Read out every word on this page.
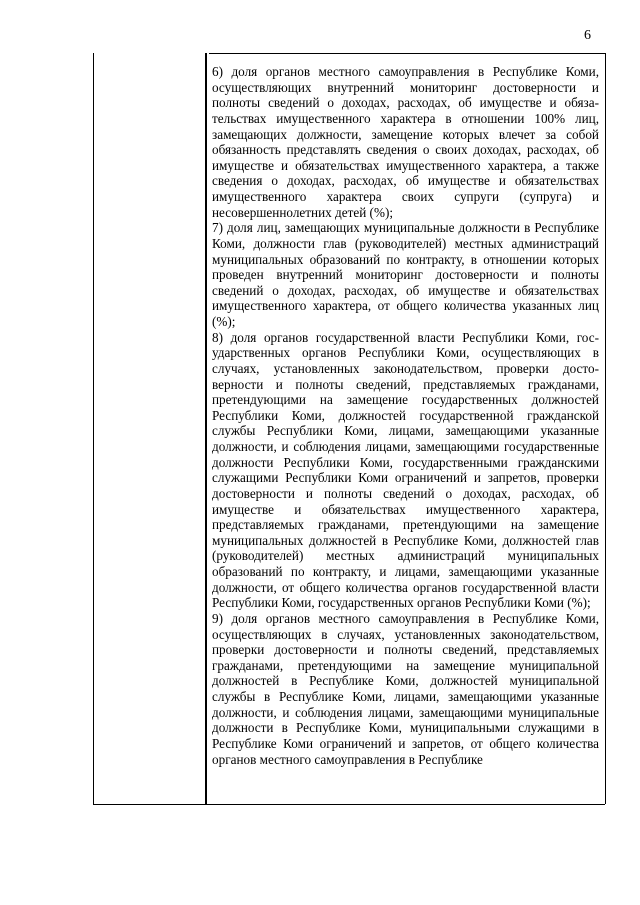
6

6) доля органов местного самоуправления в Республике Коми, осуществляющих внутренний мониторинг достоверности и полноты сведений о доходах, расходах, об имуществе и обязательствах имущественного характера в отношении 100% лиц, замещающих должности, замещение которых влечет за собой обязанность представлять сведения о своих доходах, расходах, об имуществе и обязательствах имущественного характера, а также сведения о доходах, расходах, об имуществе и обязательствах имущественного характера своих супруги (супруга) и несовершеннолетних детей (%);

7) доля лиц, замещающих муниципальные должности в Республике Коми, должности глав (руководителей) местных администраций муниципальных образований по контракту, в отношении которых проведен внутренний мониторинг достоверности и полноты сведений о доходах, расходах, об имуществе и обязательствах имущественного характера, от общего количества указанных лиц (%);

8) доля органов государственной власти Республики Коми, государственных органов Республики Коми, осуществляющих в случаях, установленных законодательством, проверки достоверности и полноты сведений, представляемых гражданами, претендующими на замещение государственных должностей Республики Коми, должностей государственной гражданской службы Республики Коми, лицами, замещающими указанные должности, и соблюдения лицами, замещающими государственные должности Республики Коми, государственными гражданскими служащими Республики Коми ограничений и запретов, проверки достоверности и полноты сведений о доходах, расходах, об имуществе и обязательствах имущественного характера, представляемых гражданами, претендующими на замещение муниципальных должностей в Республике Коми, должностей глав (руководителей) местных администраций муниципальных образований по контракту, и лицами, замещающими указанные должности, от общего количества органов государственной власти Республики Коми, государственных органов Республики Коми (%);

9) доля органов местного самоуправления в Республике Коми, осуществляющих в случаях, установленных законодательством, проверки достоверности и полноты сведений, представляемых гражданами, претендующими на замещение муниципальной должностей в Республике Коми, должностей муниципальной службы в Республике Коми, лицами, замещающими указанные должности, и соблюдения лицами, замещающими муниципальные должности в Республике Коми, муниципальными служащими в Республике Коми ограничений и запретов, от общего количества органов местного самоуправления в Республике
